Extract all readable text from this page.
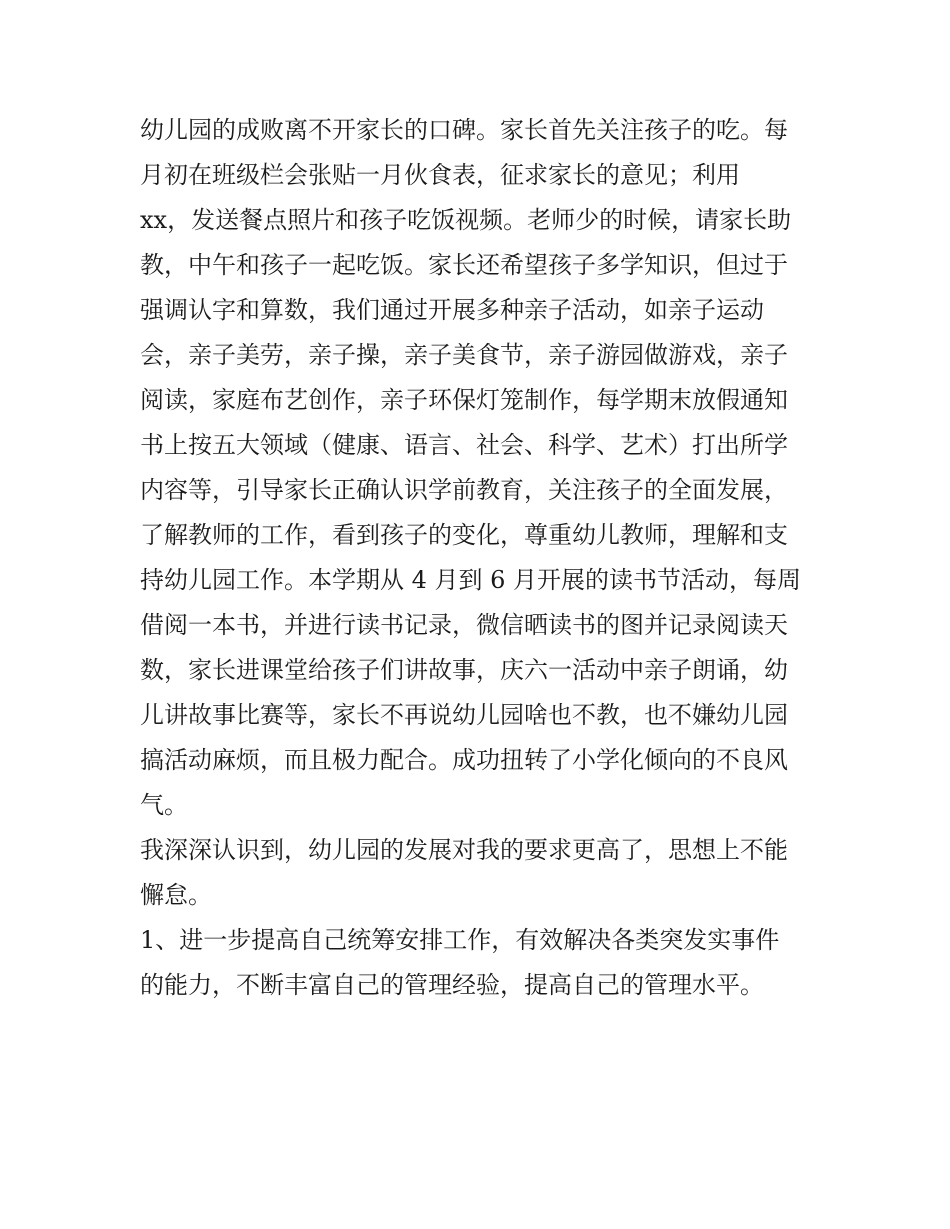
幼儿园的成败离不开家长的口碑。家长首先关注孩子的吃。每
月初在班级栏会张贴一月伙食表，征求家长的意见；利用
xx，发送餐点照片和孩子吃饭视频。老师少的时候，请家长助
教，中午和孩子一起吃饭。家长还希望孩子多学知识，但过于
强调认字和算数，我们通过开展多种亲子活动，如亲子运动
会，亲子美劳，亲子操，亲子美食节，亲子游园做游戏，亲子
阅读，家庭布艺创作，亲子环保灯笼制作，每学期末放假通知
书上按五大领域（健康、语言、社会、科学、艺术）打出所学
内容等，引导家长正确认识学前教育，关注孩子的全面发展，
了解教师的工作，看到孩子的变化，尊重幼儿教师，理解和支
持幼儿园工作。本学期从 4 月到 6 月开展的读书节活动，每周
借阅一本书，并进行读书记录，微信晒读书的图并记录阅读天
数，家长进课堂给孩子们讲故事，庆六一活动中亲子朗诵，幼
儿讲故事比赛等，家长不再说幼儿园啥也不教，也不嫌幼儿园
搞活动麻烦，而且极力配合。成功扭转了小学化倾向的不良风
气。
我深深认识到，幼儿园的发展对我的要求更高了，思想上不能
懈怠。
1、进一步提高自己统筹安排工作，有效解决各类突发实事件
的能力，不断丰富自己的管理经验，提高自己的管理水平。
